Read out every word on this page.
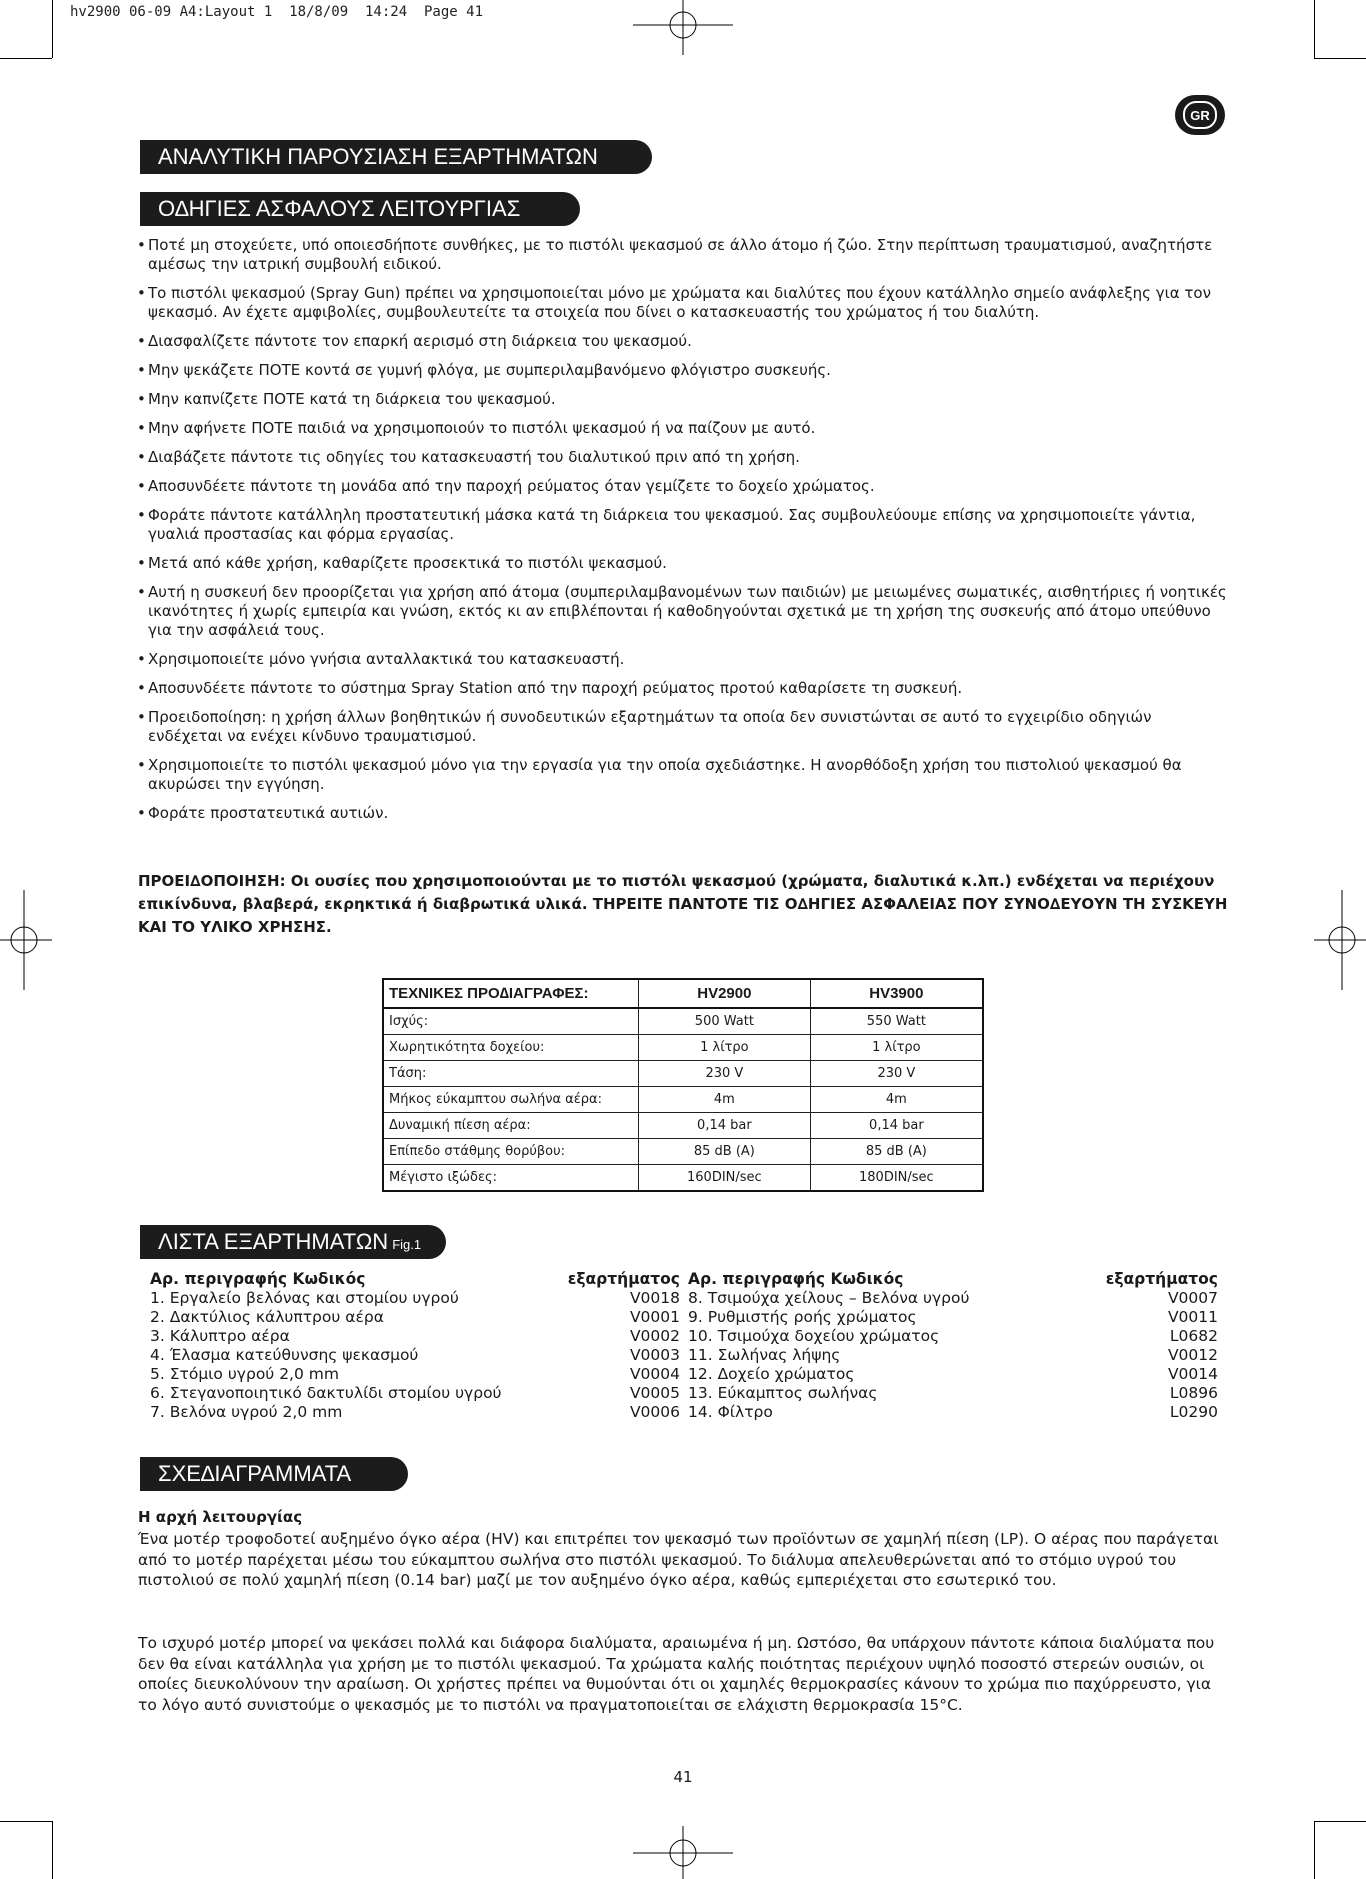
hv2900 06-09 A4:Layout 1  18/8/09  14:24  Page 41
GR
ΑΝΑΛΥΤΙΚΗ ΠΑΡΟΥΣΙΑΣΗ ΕΞΑΡΤΗΜΑΤΩΝ
Ο∆ΗΓΙΕΣ ΑΣΦΑΛΟΥΣ ΛΕΙΤΟΥΡΓΙΑΣ
• Ποτέ μη στοχεύετε, υπό οποιεσδήποτε συνθήκες, με το πιστόλι ψεκασμού σε άλλο άτομο ή ζώο. Στην περίπτωση τραυματισμού, αναζητήστε αμέσως την ιατρική συμβουλή ειδικού.
• Το πιστόλι ψεκασμού (Spray Gun) πρέπει να χρησιμοποιείται μόνο με χρώματα και διαλύτες που έχουν κατάλληλο σημείο ανάφλεξης για τον ψεκασμό. Αν έχετε αμφιβολίες, συμβουλευτείτε τα στοιχεία που δίνει ο κατασκευαστής του χρώματος ή του διαλύτη.
• Διασφαλίζετε πάντοτε τον επαρκή αερισμό στη διάρκεια του ψεκασμού.
• Μην ψεκάζετε ΠΟΤΕ κοντά σε γυμνή φλόγα, με συμπεριλαμβανόμενο φλόγιστρο συσκευής.
• Μην καπνίζετε ΠΟΤΕ κατά τη διάρκεια του ψεκασμού.
• Μην αφήνετε ΠΟΤΕ παιδιά να χρησιμοποιούν το πιστόλι ψεκασμού ή να παίζουν με αυτό.
• Διαβάζετε πάντοτε τις οδηγίες του κατασκευαστή του διαλυτικού πριν από τη χρήση.
• Αποσυνδέετε πάντοτε τη μονάδα από την παροχή ρεύματος όταν γεμίζετε το δοχείο χρώματος.
• Φοράτε πάντοτε κατάλληλη προστατευτική μάσκα κατά τη διάρκεια του ψεκασμού. Σας συμβουλεύουμε επίσης να χρησιμοποιείτε γάντια, γυαλιά προστασίας και φόρμα εργασίας.
• Μετά από κάθε χρήση, καθαρίζετε προσεκτικά το πιστόλι ψεκασμού.
• Αυτή η συσκευή δεν προορίζεται για χρήση από άτομα (συμπεριλαμβανομένων των παιδιών) με μειωμένες σωματικές, αισθητήριες ή νοητικές ικανότητες ή χωρίς εμπειρία και γνώση, εκτός κι αν επιβλέπονται ή καθοδηγούνται σχετικά με τη χρήση της συσκευής από άτομο υπεύθυνο για την ασφάλειά τους.
• Χρησιμοποιείτε μόνο γνήσια ανταλλακτικά του κατασκευαστή.
• Αποσυνδέετε πάντοτε το σύστημα Spray Station από την παροχή ρεύματος προτού καθαρίσετε τη συσκευή.
• Προειδοποίηση: η χρήση άλλων βοηθητικών ή συνοδευτικών εξαρτημάτων τα οποία δεν συνιστώνται σε αυτό το εγχειρίδιο οδηγιών ενδέχεται να ενέχει κίνδυνο τραυματισμού.
• Χρησιμοποιείτε το πιστόλι ψεκασμού μόνο για την εργασία για την οποία σχεδιάστηκε. Η ανορθόδοξη χρήση του πιστολιού ψεκασμού θα ακυρώσει την εγγύηση.
• Φοράτε προστατευτικά αυτιών.
ΠΡΟΕΙ∆ΟΠΟΙΗΣΗ: Οι ουσίες που χρησιμοποιούνται με το πιστόλι ψεκασμού (χρώματα, διαλυτικά κ.λπ.) ενδέχεται να περιέχουν επικίνδυνα, βλαβερά, εκρηκτικά ή διαβρωτικά υλικά. ΤΗΡΕΙΤΕ ΠΑΝΤΟΤΕ ΤΙΣ Ο∆ΗΓΙΕΣ ΑΣΦΑΛΕΙΑΣ ΠΟΥ ΣΥΝΟ∆ΕΥΟΥΝ ΤΗ ΣΥΣΚΕΥΗ ΚΑΙ ΤΟ ΥΛΙΚΟ ΧΡΗΣΗΣ.
ΤΕΧΝΙΚΕΣ ΠΡΟ∆ΙΑΓΡΑΦΕΣ:	HV2900	HV3900
Ισχύς:	500 Watt	550 Watt
Χωρητικότητα δοχείου:	1 λίτρο	1 λίτρο
Τάση:	230 V	230 V
Μήκος εύκαμπτου σωλήνα αέρα:	4m	4m
Δυναμική πίεση αέρα:	0,14 bar	0,14 bar
Επίπεδο στάθμης θορύβου:	85 dB (A)	85 dB (A)
Μέγιστο ιξώδες:	160DIN/sec	180DIN/sec
ΛΙΣΤΑ ΕΞΑΡΤΗΜΑΤΩΝ Fig.1
Αρ. περιγραφής Κωδικός	εξαρτήματος
1. Εργαλείο βελόνας και στομίου υγρού	V0018
2. Δακτύλιος κάλυπτρου αέρα	V0001
3. Κάλυπτρο αέρα	V0002
4. Έλασμα κατεύθυνσης ψεκασμού	V0003
5. Στόμιο υγρού 2,0 mm	V0004
6. Στεγανοποιητικό δακτυλίδι στομίου υγρού	V0005
7. Βελόνα υγρού 2,0 mm	V0006
Αρ. περιγραφής Κωδικός	εξαρτήματος
8. Τσιμούχα χείλους – Βελόνα υγρού	V0007
9. Ρυθμιστής ροής χρώματος	V0011
10. Τσιμούχα δοχείου χρώματος	L0682
11. Σωλήνας λήψης	V0012
12. Δοχείο χρώματος	V0014
13. Εύκαμπτος σωλήνας	L0896
14. Φίλτρο	L0290
ΣΧΕ∆ΙΑΓΡΑΜΜΑΤΑ
Η αρχή λειτουργίας
Ένα μοτέρ τροφοδοτεί αυξημένο όγκο αέρα (HV) και επιτρέπει τον ψεκασμό των προϊόντων σε χαμηλή πίεση (LP). Ο αέρας που παράγεται από το μοτέρ παρέχεται μέσω του εύκαμπτου σωλήνα στο πιστόλι ψεκασμού. Το διάλυμα απελευθερώνεται από το στόμιο υγρού του πιστολιού σε πολύ χαμηλή πίεση (0.14 bar) μαζί με τον αυξημένο όγκο αέρα, καθώς εμπεριέχεται στο εσωτερικό του.
Το ισχυρό μοτέρ μπορεί να ψεκάσει πολλά και διάφορα διαλύματα, αραιωμένα ή μη. Ωστόσο, θα υπάρχουν πάντοτε κάποια διαλύματα που δεν θα είναι κατάλληλα για χρήση με το πιστόλι ψεκασμού. Τα χρώματα καλής ποιότητας περιέχουν υψηλό ποσοστό στερεών ουσιών, οι οποίες διευκολύνουν την αραίωση. Οι χρήστες πρέπει να θυμούνται ότι οι χαμηλές θερμοκρασίες κάνουν το χρώμα πιο παχύρρευστο, για το λόγο αυτό συνιστούμε ο ψεκασμός με το πιστόλι να πραγματοποιείται σε ελάχιστη θερμοκρασία 15°C.
41
